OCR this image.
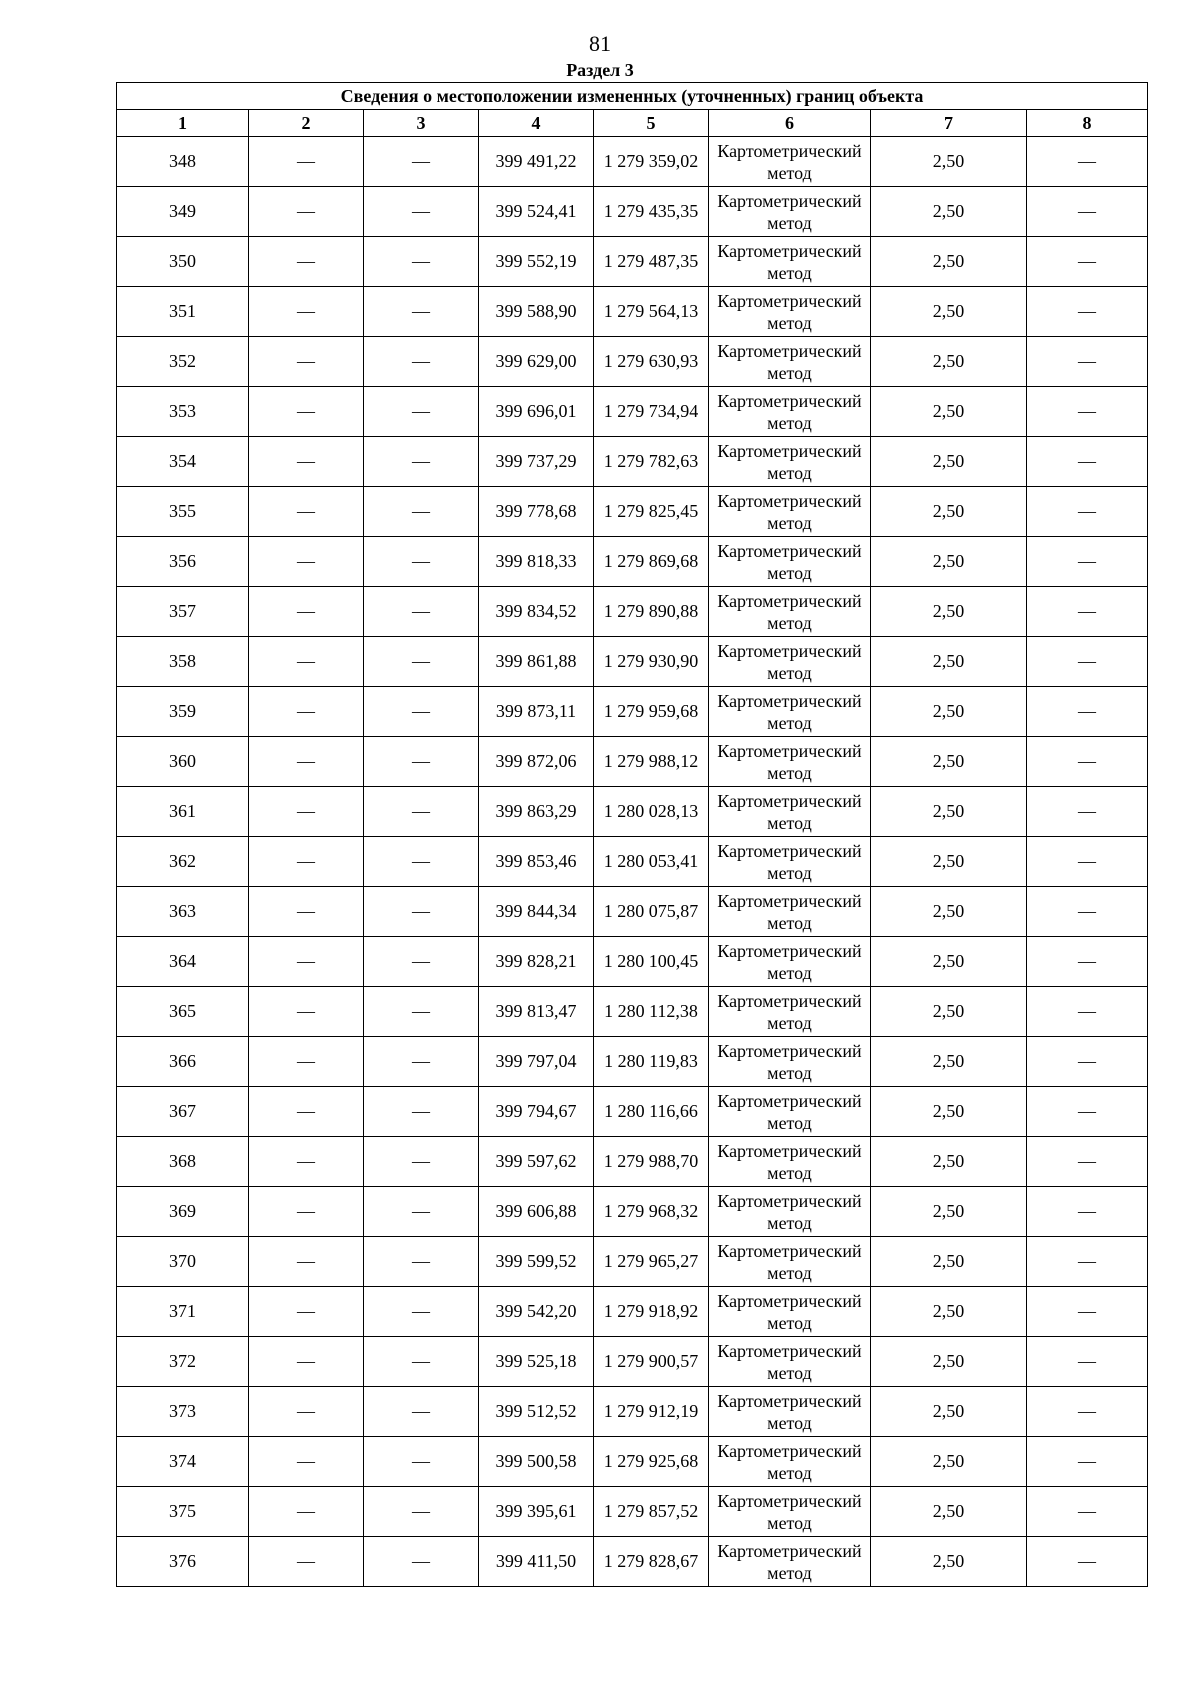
81
Раздел 3
Сведения о местоположении измененных (уточненных) границ объекта							
1	2	3	4	5	6	7	8
348	—	—	399 491,22	1 279 359,02	Картометрический метод	2,50	—
349	—	—	399 524,41	1 279 435,35	Картометрический метод	2,50	—
350	—	—	399 552,19	1 279 487,35	Картометрический метод	2,50	—
351	—	—	399 588,90	1 279 564,13	Картометрический метод	2,50	—
352	—	—	399 629,00	1 279 630,93	Картометрический метод	2,50	—
353	—	—	399 696,01	1 279 734,94	Картометрический метод	2,50	—
354	—	—	399 737,29	1 279 782,63	Картометрический метод	2,50	—
355	—	—	399 778,68	1 279 825,45	Картометрический метод	2,50	—
356	—	—	399 818,33	1 279 869,68	Картометрический метод	2,50	—
357	—	—	399 834,52	1 279 890,88	Картометрический метод	2,50	—
358	—	—	399 861,88	1 279 930,90	Картометрический метод	2,50	—
359	—	—	399 873,11	1 279 959,68	Картометрический метод	2,50	—
360	—	—	399 872,06	1 279 988,12	Картометрический метод	2,50	—
361	—	—	399 863,29	1 280 028,13	Картометрический метод	2,50	—
362	—	—	399 853,46	1 280 053,41	Картометрический метод	2,50	—
363	—	—	399 844,34	1 280 075,87	Картометрический метод	2,50	—
364	—	—	399 828,21	1 280 100,45	Картометрический метод	2,50	—
365	—	—	399 813,47	1 280 112,38	Картометрический метод	2,50	—
366	—	—	399 797,04	1 280 119,83	Картометрический метод	2,50	—
367	—	—	399 794,67	1 280 116,66	Картометрический метод	2,50	—
368	—	—	399 597,62	1 279 988,70	Картометрический метод	2,50	—
369	—	—	399 606,88	1 279 968,32	Картометрический метод	2,50	—
370	—	—	399 599,52	1 279 965,27	Картометрический метод	2,50	—
371	—	—	399 542,20	1 279 918,92	Картометрический метод	2,50	—
372	—	—	399 525,18	1 279 900,57	Картометрический метод	2,50	—
373	—	—	399 512,52	1 279 912,19	Картометрический метод	2,50	—
374	—	—	399 500,58	1 279 925,68	Картометрический метод	2,50	—
375	—	—	399 395,61	1 279 857,52	Картометрический метод	2,50	—
376	—	—	399 411,50	1 279 828,67	Картометрический метод	2,50	—
